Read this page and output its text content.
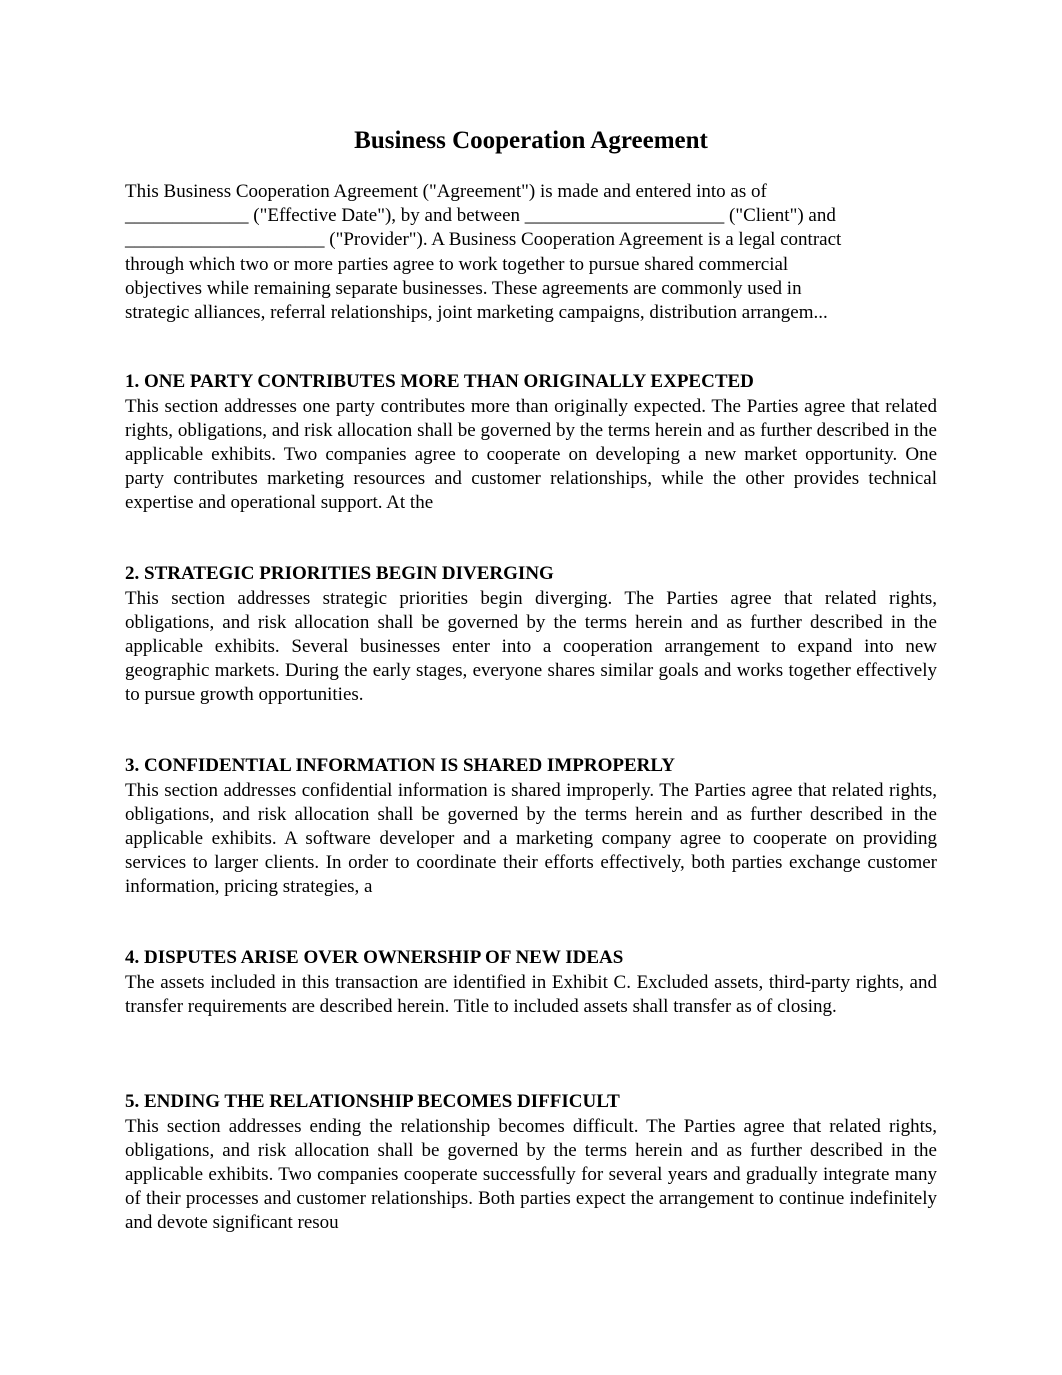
Business Cooperation Agreement

This Business Cooperation Agreement ("Agreement") is made and entered into as of
_____________ ("Effective Date"), by and between _____________________ ("Client") and
_____________________ ("Provider"). A Business Cooperation Agreement is a legal contract
through which two or more parties agree to work together to pursue shared commercial
objectives while remaining separate businesses. These agreements are commonly used in
strategic alliances, referral relationships, joint marketing campaigns, distribution arrangem...

1. ONE PARTY CONTRIBUTES MORE THAN ORIGINALLY EXPECTED

This section addresses one party contributes more than originally expected. The Parties agree that related rights, obligations, and risk allocation shall be governed by the terms herein and as further described in the applicable exhibits. Two companies agree to cooperate on developing a new market opportunity. One party contributes marketing resources and customer relationships, while the other provides technical expertise and operational support. At the

2. STRATEGIC PRIORITIES BEGIN DIVERGING

This section addresses strategic priorities begin diverging. The Parties agree that related rights, obligations, and risk allocation shall be governed by the terms herein and as further described in the applicable exhibits. Several businesses enter into a cooperation arrangement to expand into new geographic markets. During the early stages, everyone shares similar goals and works together effectively to pursue growth opportunities.

3. CONFIDENTIAL INFORMATION IS SHARED IMPROPERLY

This section addresses confidential information is shared improperly. The Parties agree that related rights, obligations, and risk allocation shall be governed by the terms herein and as further described in the applicable exhibits. A software developer and a marketing company agree to cooperate on providing services to larger clients. In order to coordinate their efforts effectively, both parties exchange customer information, pricing strategies, a

4. DISPUTES ARISE OVER OWNERSHIP OF NEW IDEAS

The assets included in this transaction are identified in Exhibit C. Excluded assets, third-party rights, and transfer requirements are described herein. Title to included assets shall transfer as of closing.

5. ENDING THE RELATIONSHIP BECOMES DIFFICULT

This section addresses ending the relationship becomes difficult. The Parties agree that related rights, obligations, and risk allocation shall be governed by the terms herein and as further described in the applicable exhibits. Two companies cooperate successfully for several years and gradually integrate many of their processes and customer relationships. Both parties expect the arrangement to continue indefinitely and devote significant resou
